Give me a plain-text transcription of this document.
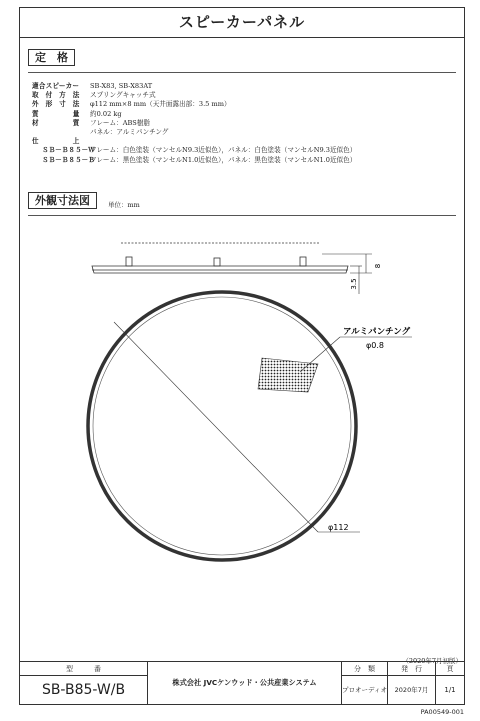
スピーカーパネル
定　格
適合スピーカー	SB-X83, SB-X83AT
取　付　方　法	スプリングキャッチ式
外　形　寸　法	φ112 mm×8 mm（天井面露出部：3.5 mm）
質　　　　　量	約0.02 kg
材　　　　　質	フレーム：ABS樹脂
パネル：アルミパンチング
仕　　　　　上
ＳＢ－Ｂ８５－Ｗ
フレーム：白色塗装（マンセルN9.3近似色），パネル：白色塗装（マンセルN9.3近似色）
ＳＢ－Ｂ８５－Ｂ
フレーム：黒色塗装（マンセルN1.0近似色），パネル：黒色塗装（マンセルN1.0近似色）
外観寸法図	単位：mm
（2020年7月初版）
型　　　番
SB-B85-W/B	株式会社 JVCケンウッド・公共産業システム
分　類
プロオーディオ
発　行
2020年7月
頁
1/1
8
3.5
アルミパンチング
φ0.8
φ112
PA00549-001
